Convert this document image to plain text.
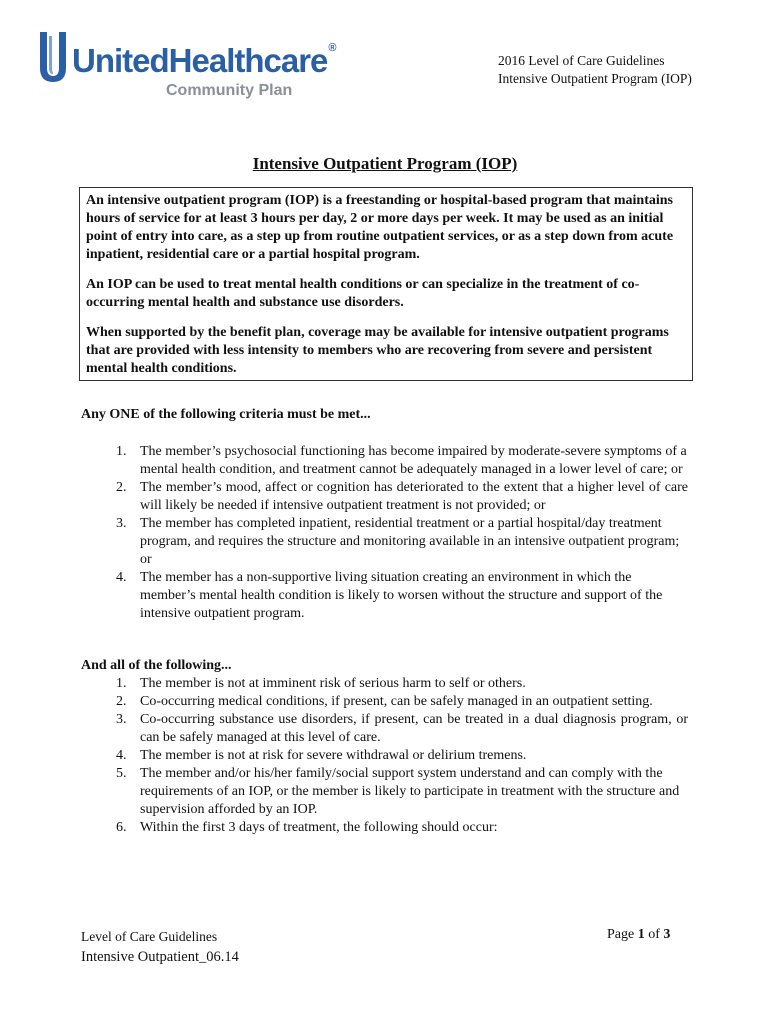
UnitedHealthcare®
Community Plan
2016 Level of Care Guidelines
Intensive Outpatient Program (IOP)
Intensive Outpatient Program (IOP)

An intensive outpatient program (IOP) is a freestanding or hospital-based program that maintains hours of service for at least 3 hours per day, 2 or more days per week. It may be used as an initial point of entry into care, as a step up from routine outpatient services, or as a step down from acute inpatient, residential care or a partial hospital program.

An IOP can be used to treat mental health conditions or can specialize in the treatment of co-occurring mental health and substance use disorders.

When supported by the benefit plan, coverage may be available for intensive outpatient programs that are provided with less intensity to members who are recovering from severe and persistent mental health conditions.

Any ONE of the following criteria must be met...
1. The member’s psychosocial functioning has become impaired by moderate-severe symptoms of a mental health condition, and treatment cannot be adequately managed in a lower level of care; or
2. The member’s mood, affect or cognition has deteriorated to the extent that a higher level of care will likely be needed if intensive outpatient treatment is not provided; or
3. The member has completed inpatient, residential treatment or a partial hospital/day treatment program, and requires the structure and monitoring available in an intensive outpatient program; or
4. The member has a non-supportive living situation creating an environment in which the member’s mental health condition is likely to worsen without the structure and support of the intensive outpatient program.
And all of the following...
1. The member is not at imminent risk of serious harm to self or others.
2. Co-occurring medical conditions, if present, can be safely managed in an outpatient setting.
3. Co-occurring substance use disorders, if present, can be treated in a dual diagnosis program, or can be safely managed at this level of care.
4. The member is not at risk for severe withdrawal or delirium tremens.
5. The member and/or his/her family/social support system understand and can comply with the requirements of an IOP, or the member is likely to participate in treatment with the structure and supervision afforded by an IOP.
6. Within the first 3 days of treatment, the following should occur:
Level of Care Guidelines
Intensive Outpatient_06.14
Page 1 of 3
